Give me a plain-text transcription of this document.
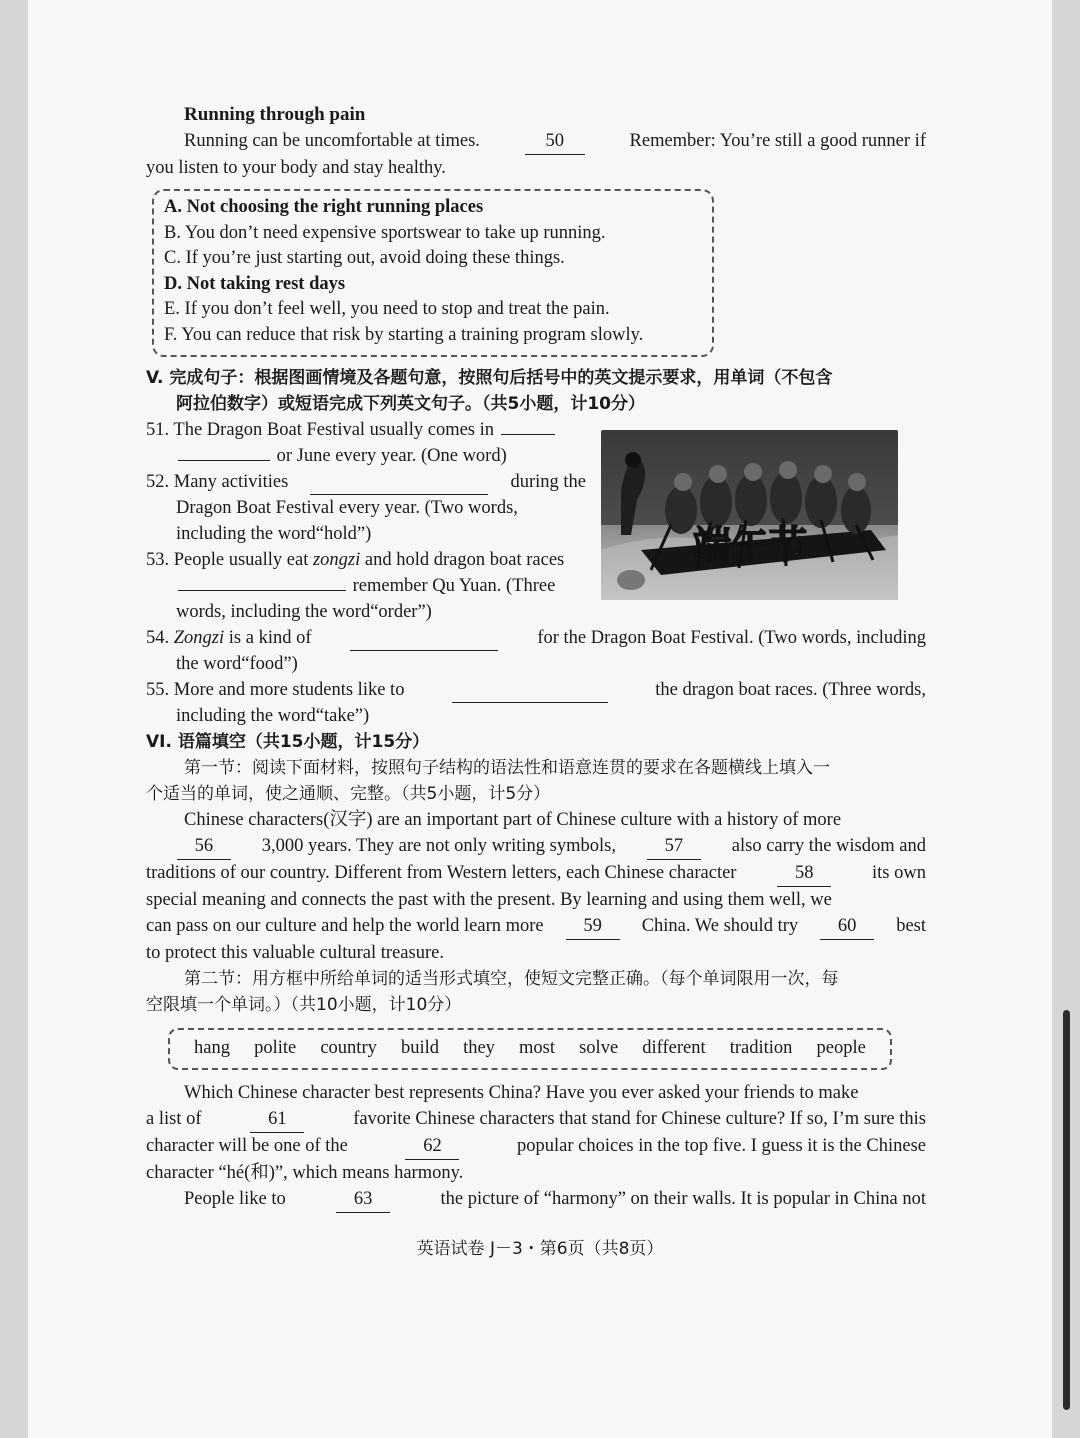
Running through pain
Running can be uncomfortable at times.	50	Remember: You’re still a good runner if
you listen to your body and stay healthy.
A. Not choosing the right running places
B. You don’t need expensive sportswear to take up running.
C. If you’re just starting out, avoid doing these things.
D. Not taking rest days
E. If you don’t feel well, you need to stop and treat the pain.
F. You can reduce that risk by starting a training program slowly.
V. 完成句子：根据图画情境及各题句意，按照句后括号中的英文提示要求，用单词（不包含
阿拉伯数字）或短语完成下列英文句子。（共5小题，计10分）
51. The Dragon Boat Festival usually comes in
or June every year. (One word)
52. Many activities	during the
Dragon Boat Festival every year. (Two words,
including the word“hold”)
53. People usually eat zongzi and hold dragon boat races
remember Qu Yuan. (Three
words, including the word“order”)
54. Zongzi is a kind of	for the Dragon Boat Festival. (Two words, including
the word“food”)
55. More and more students like to	the dragon boat races. (Three words,
including the word“take”)
VI. 语篇填空（共15小题，计15分）
第一节：阅读下面材料，按照句子结构的语法性和语意连贯的要求在各题横线上填入一
个适当的单词，使之通顺、完整。（共5小题，计5分）
Chinese characters(汉字) are an important part of Chinese culture with a history of more
56	3,000 years. They are not only writing symbols,	57	also carry the wisdom and
traditions of our country. Different from Western letters, each Chinese character	58	its own
special meaning and connects the past with the present. By learning and using them well, we
can pass on our culture and help the world learn more	59	China. We should try	60	best
to protect this valuable cultural treasure.
第二节：用方框中所给单词的适当形式填空，使短文完整正确。（每个单词限用一次，每
空限填一个单词。）（共10小题，计10分）
hang polite country build they most solve different tradition people
Which Chinese character best represents China? Have you ever asked your friends to make
a list of	61	favorite Chinese characters that stand for Chinese culture? If so, I’m sure this
character will be one of the	62	popular choices in the top five. I guess it is the Chinese
character “hé(和)”, which means harmony.
People like to	63	the picture of “harmony” on their walls. It is popular in China not
端午节
英语试卷 J－3・第6页（共8页）
